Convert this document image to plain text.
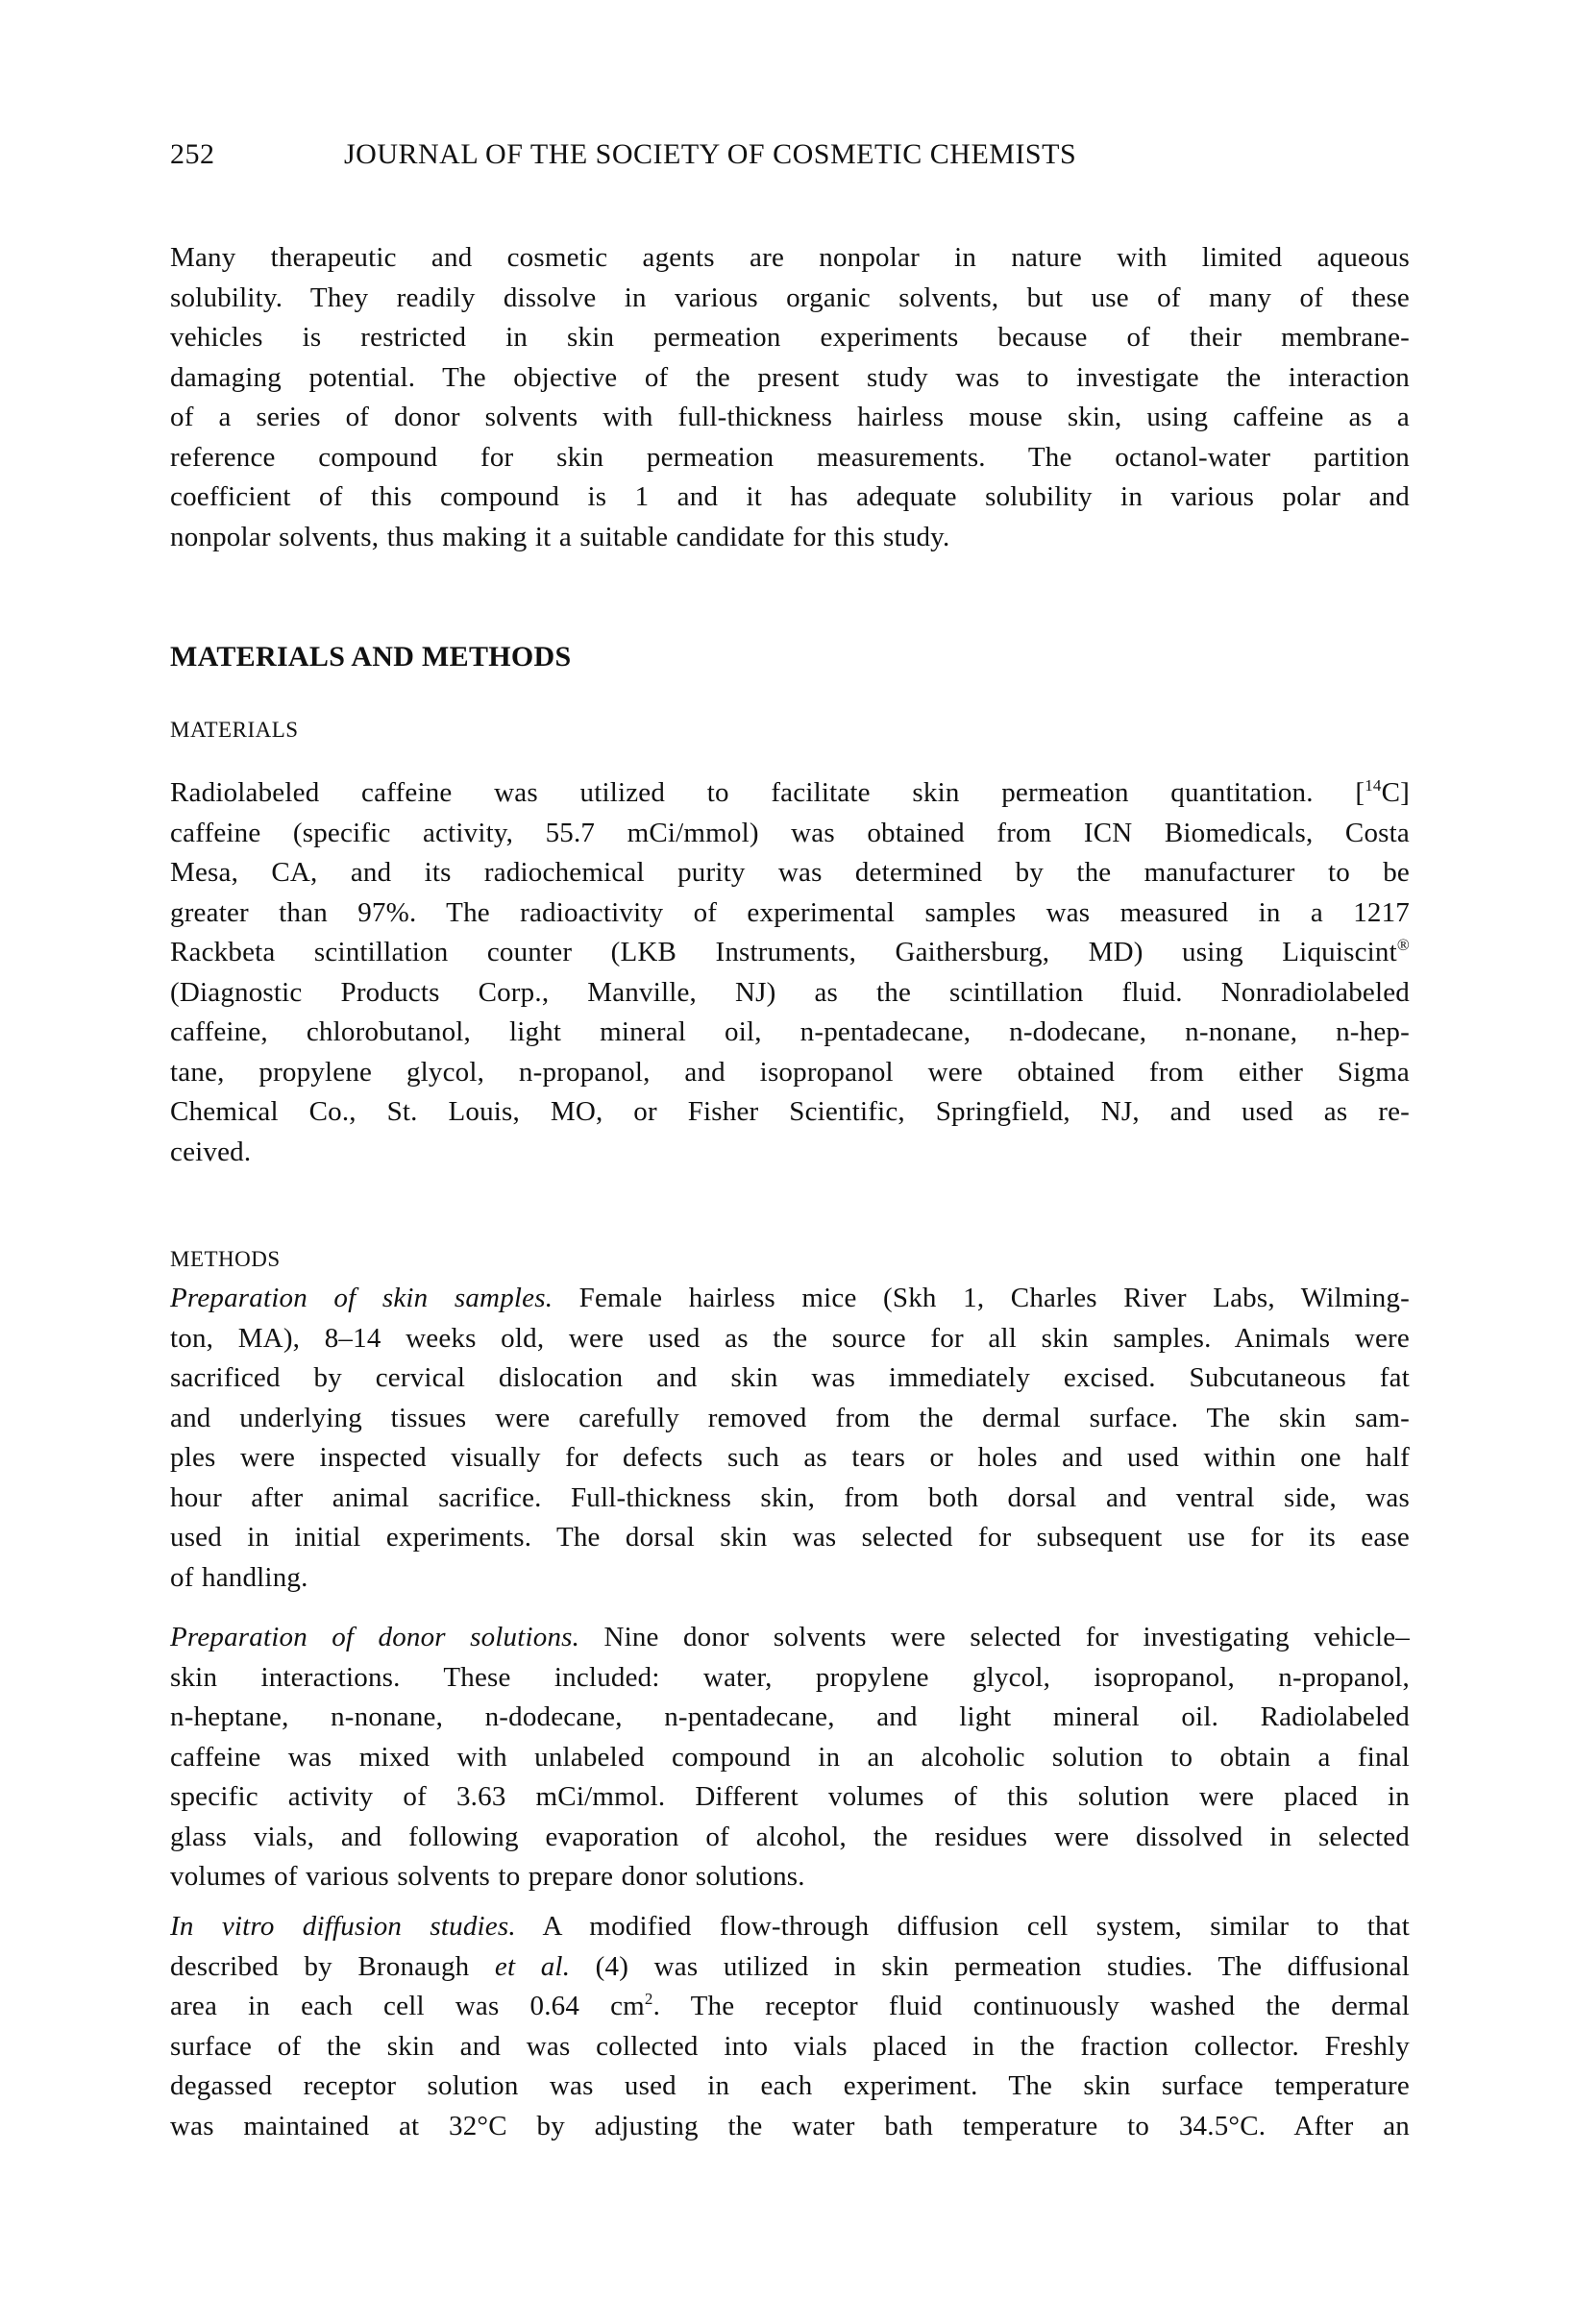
252	JOURNAL OF THE SOCIETY OF COSMETIC CHEMISTS
Many therapeutic and cosmetic agents are nonpolar in nature with limited aqueous
solubility. They readily dissolve in various organic solvents, but use of many of these
vehicles is restricted in skin permeation experiments because of their membrane-
damaging potential. The objective of the present study was to investigate the interaction
of a series of donor solvents with full-thickness hairless mouse skin, using caffeine as a
reference compound for skin permeation measurements. The octanol-water partition
coefficient of this compound is 1 and it has adequate solubility in various polar and
nonpolar solvents, thus making it a suitable candidate for this study.
MATERIALS AND METHODS
MATERIALS
Radiolabeled caffeine was utilized to facilitate skin permeation quantitation. [$^{14}$C]
caffeine (specific activity, 55.7 mCi/mmol) was obtained from ICN Biomedicals, Costa
Mesa, CA, and its radiochemical purity was determined by the manufacturer to be
greater than 97%. The radioactivity of experimental samples was measured in a 1217
Rackbeta scintillation counter (LKB Instruments, Gaithersburg, MD) using Liquiscint®
(Diagnostic Products Corp., Manville, NJ) as the scintillation fluid. Nonradiolabeled
caffeine, chlorobutanol, light mineral oil, n-pentadecane, n-dodecane, n-nonane, n-hep-
tane, propylene glycol, n-propanol, and isopropanol were obtained from either Sigma
Chemical Co., St. Louis, MO, or Fisher Scientific, Springfield, NJ, and used as re-
ceived.
METHODS
Preparation of skin samples. Female hairless mice (Skh 1, Charles River Labs, Wilming-
ton, MA), 8–14 weeks old, were used as the source for all skin samples. Animals were
sacrificed by cervical dislocation and skin was immediately excised. Subcutaneous fat
and underlying tissues were carefully removed from the dermal surface. The skin sam-
ples were inspected visually for defects such as tears or holes and used within one half
hour after animal sacrifice. Full-thickness skin, from both dorsal and ventral side, was
used in initial experiments. The dorsal skin was selected for subsequent use for its ease
of handling.
Preparation of donor solutions. Nine donor solvents were selected for investigating vehicle–
skin interactions. These included: water, propylene glycol, isopropanol, n-propanol,
n-heptane, n-nonane, n-dodecane, n-pentadecane, and light mineral oil. Radiolabeled
caffeine was mixed with unlabeled compound in an alcoholic solution to obtain a final
specific activity of 3.63 mCi/mmol. Different volumes of this solution were placed in
glass vials, and following evaporation of alcohol, the residues were dissolved in selected
volumes of various solvents to prepare donor solutions.
In vitro diffusion studies. A modified flow-through diffusion cell system, similar to that
described by Bronaugh et al. (4) was utilized in skin permeation studies. The diffusional
area in each cell was 0.64 $cm^2$. The receptor fluid continuously washed the dermal
surface of the skin and was collected into vials placed in the fraction collector. Freshly
degassed receptor solution was used in each experiment. The skin surface temperature
was maintained at 32°C by adjusting the water bath temperature to 34.5°C. After an
